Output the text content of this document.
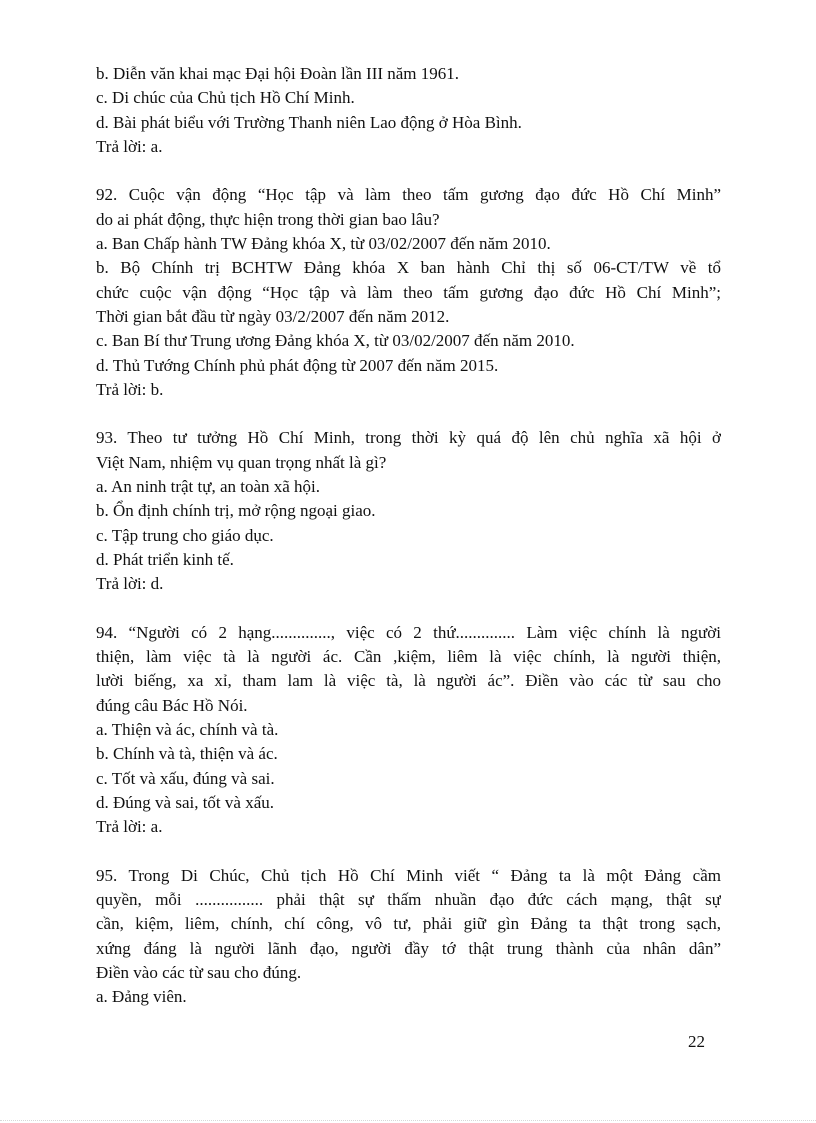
b. Diễn văn khai mạc Đại hội Đoàn lần III năm 1961.
c. Di chúc của Chủ tịch Hồ Chí Minh.
d. Bài phát biểu với Trường Thanh niên Lao động ở Hòa Bình.
Trả lời: a.
92. Cuộc vận động “Học tập và làm theo tấm gương đạo đức Hồ Chí Minh”
do ai phát động, thực hiện trong thời gian bao lâu?
a. Ban Chấp hành TW Đảng khóa X, từ 03/02/2007 đến năm 2010.
b. Bộ Chính trị BCHTW Đảng khóa X ban hành Chỉ thị số 06-CT/TW về tổ
chức cuộc vận động “Học tập và làm theo tấm gương đạo đức Hồ Chí Minh”;
Thời gian bắt đầu từ ngày 03/2/2007 đến năm 2012.
c. Ban Bí thư Trung ương Đảng khóa X, từ 03/02/2007 đến năm 2010.
d. Thủ Tướng Chính phủ phát động từ 2007 đến năm 2015.
Trả lời: b.
93. Theo tư tưởng Hồ Chí Minh, trong thời kỳ quá độ lên chủ nghĩa xã hội ở
Việt Nam, nhiệm vụ quan trọng nhất là gì?
a. An ninh trật tự, an toàn xã hội.
b. Ổn định chính trị, mở rộng ngoại giao.
c. Tập trung cho giáo dục.
d. Phát triển kinh tế.
Trả lời: d.
94. “Người có 2 hạng.............., việc có 2 thứ.............. Làm việc chính là người
thiện, làm việc tà là người ác. Cần ,kiệm, liêm là việc chính, là người thiện,
lười biếng, xa xỉ, tham lam là việc tà, là người ác”. Điền vào các từ sau cho
đúng câu Bác Hồ Nói.
a. Thiện và ác, chính và tà.
b. Chính và tà, thiện và ác.
c. Tốt và xấu, đúng và sai.
d. Đúng và sai, tốt và xấu.
Trả lời: a.
95. Trong Di Chúc, Chủ tịch Hồ Chí Minh viết “ Đảng ta là một Đảng cầm
quyền, mỗi ................ phải thật sự thấm nhuần đạo đức cách mạng, thật sự
cần, kiệm, liêm, chính, chí công, vô tư, phải giữ gìn Đảng ta thật trong sạch,
xứng đáng là người lãnh đạo, người đầy tớ thật trung thành của nhân dân”
Điền vào các từ sau cho đúng.
a. Đảng viên.
22
